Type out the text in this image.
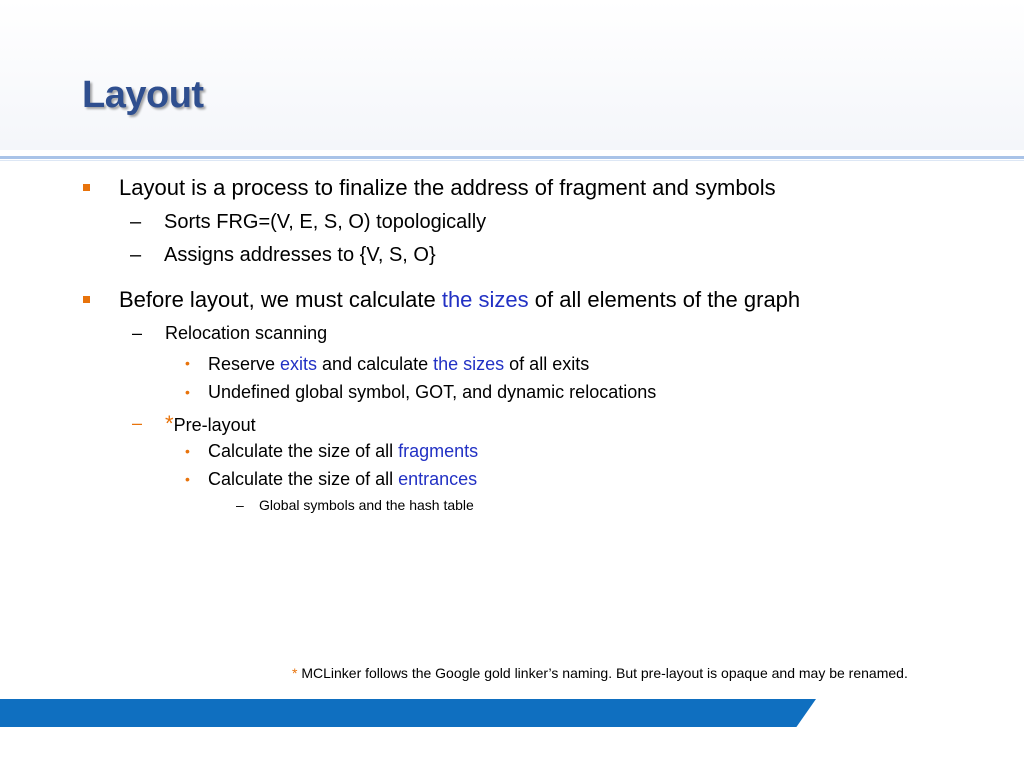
Layout
Layout is a process to finalize the address of fragment and symbols
– Sorts FRG=(V, E, S, O) topologically
– Assigns addresses to {V, S, O}
Before layout, we must calculate the sizes of all elements of the graph
– Relocation scanning
• Reserve exits and calculate the sizes of all exits
• Undefined global symbol, GOT, and dynamic relocations
– *Pre-layout
• Calculate the size of all fragments
• Calculate the size of all entrances
– Global symbols and the hash table
* MCLinker follows the Google gold linker’s naming. But pre-layout is opaque and may be renamed.
